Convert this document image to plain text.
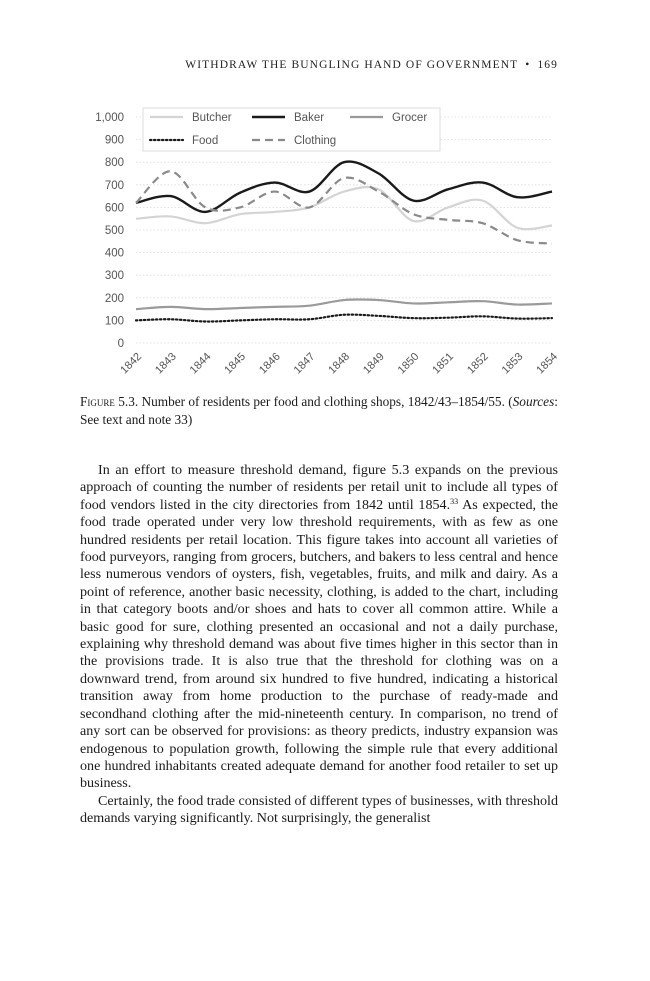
WITHDRAW THE BUNGLING HAND OF GOVERNMENT • 169
0
100
200
300
400
500
600
700
800
900
1,000
1842 1843 1844 1845 1846 1847 1848 1849 1850 1851 1852 1853 1854
Butcher	Baker	Grocer
Food	Clothing
Figure 5.3. Number of residents per food and clothing shops, 1842/43–1854/55. (Sources: See text and note 33)

In an effort to measure threshold demand, figure 5.3 expands on the previous approach of counting the number of residents per retail unit to include all types of food vendors listed in the city directories from 1842 until 1854.33 As expected, the food trade operated under very low threshold requirements, with as few as one hundred residents per retail location. This figure takes into account all varieties of food purveyors, ranging from grocers, butchers, and bakers to less central and hence less numerous vendors of oysters, fish, vegetables, fruits, and milk and dairy. As a point of reference, another basic necessity, clothing, is added to the chart, including in that category boots and/or shoes and hats to cover all common attire. While a basic good for sure, clothing presented an occasional and not a daily purchase, explaining why threshold demand was about five times higher in this sector than in the provisions trade. It is also true that the threshold for clothing was on a downward trend, from around six hundred to five hundred, indicating a historical transition away from home production to the purchase of ready-made and secondhand clothing after the mid-nineteenth century. In comparison, no trend of any sort can be observed for provisions: as theory predicts, industry expansion was endogenous to population growth, following the simple rule that every additional one hundred inhabitants created adequate demand for another food retailer to set up business.

Certainly, the food trade consisted of different types of businesses, with threshold demands varying significantly. Not surprisingly, the generalist
